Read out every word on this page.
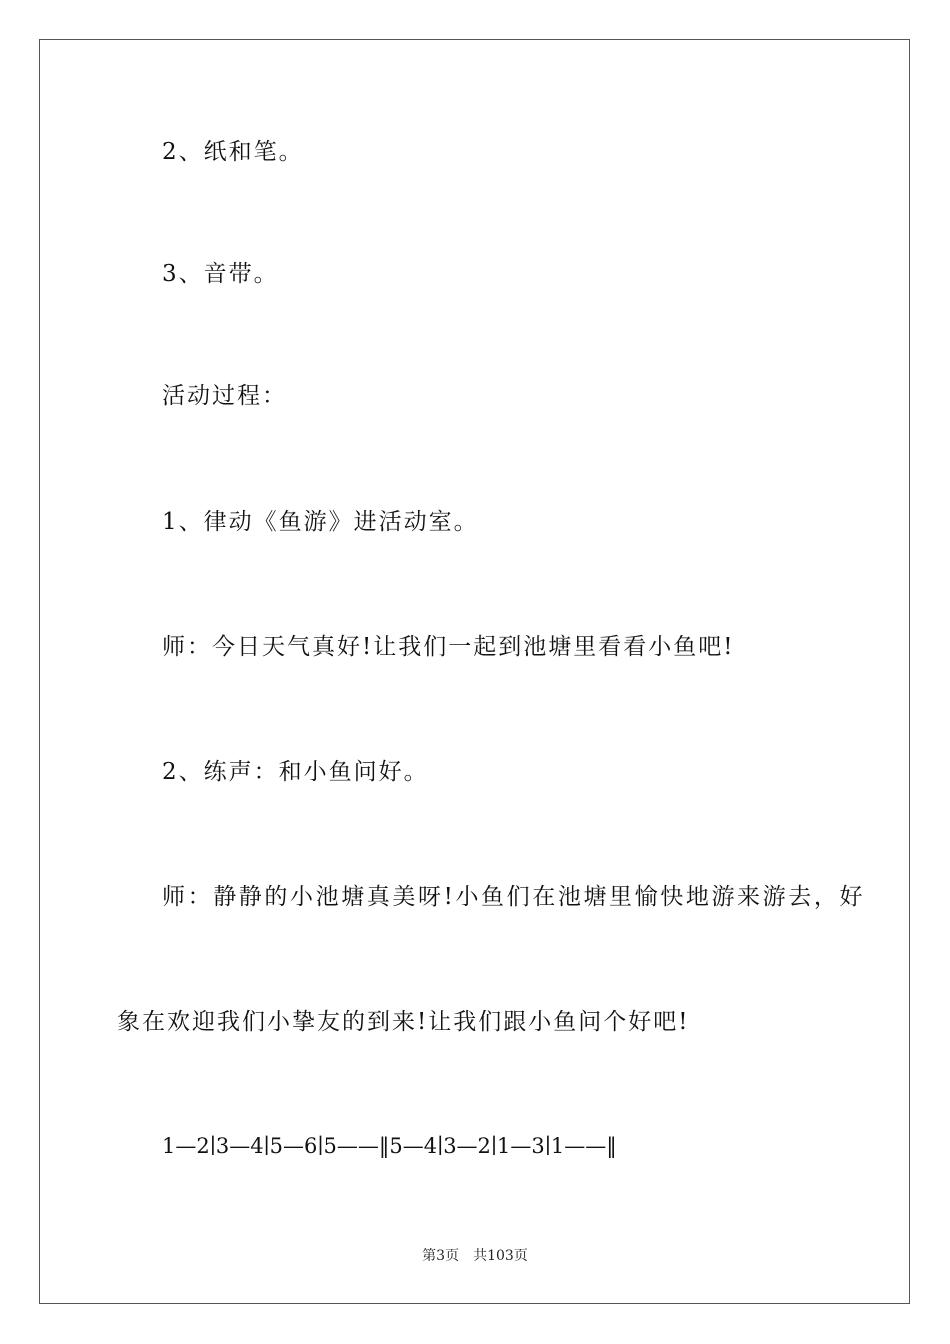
2、纸和笔。
3、音带。
活动过程：
1、律动《鱼游》进活动室。
师：今日天气真好!让我们一起到池塘里看看小鱼吧!
2、练声：和小鱼问好。
师：静静的小池塘真美呀!小鱼们在池塘里愉快地游来游去，好
象在欢迎我们小挚友的到来!让我们跟小鱼问个好吧!
1—2∣3—4∣5—6∣5——‖5—4∣3—2∣1—3∣1——‖
第3页 共103页
